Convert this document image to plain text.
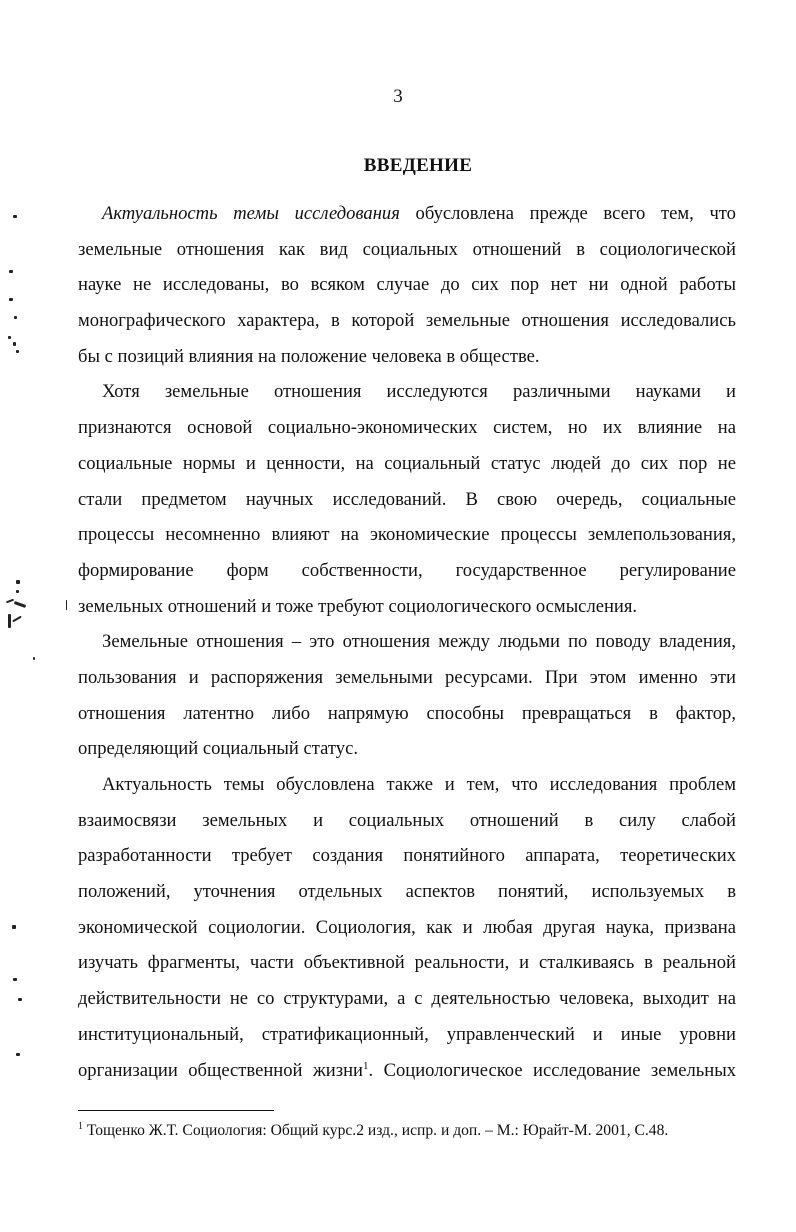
3
ВВЕДЕНИЕ
Актуальность темы исследования обусловлена прежде всего тем, что
земельные отношения как вид социальных отношений в социологической
науке не исследованы, во всяком случае до сих пор нет ни одной работы
монографического характера, в которой земельные отношения исследовались
бы с позиций влияния на положение человека в обществе.
Хотя земельные отношения исследуются различными науками и
признаются основой социально-экономических систем, но их влияние на
социальные нормы и ценности, на социальный статус людей до сих пор не
стали предметом научных исследований. В свою очередь, социальные
процессы несомненно влияют на экономические процессы землепользования,
формирование форм собственности, государственное регулирование
земельных отношений и тоже требуют социологического осмысления.
Земельные отношения – это отношения между людьми по поводу владения,
пользования и распоряжения земельными ресурсами. При этом именно эти
отношения латентно либо напрямую способны превращаться в фактор,
определяющий социальный статус.
Актуальность темы обусловлена также и тем, что исследования проблем
взаимосвязи земельных и социальных отношений в силу слабой
разработанности требует создания понятийного аппарата, теоретических
положений, уточнения отдельных аспектов понятий, используемых в
экономической социологии. Социология, как и любая другая наука, призвана
изучать фрагменты, части объективной реальности, и сталкиваясь в реальной
действительности не со структурами, а с деятельностью человека, выходит на
институциональный, стратификационный, управленческий и иные уровни
организации общественной жизни$^1$. Социологическое исследование земельных
$^1$ Тощенко Ж.Т. Социология: Общий курс.2 изд., испр. и доп. – М.: Юрайт-М. 2001, С.48.
